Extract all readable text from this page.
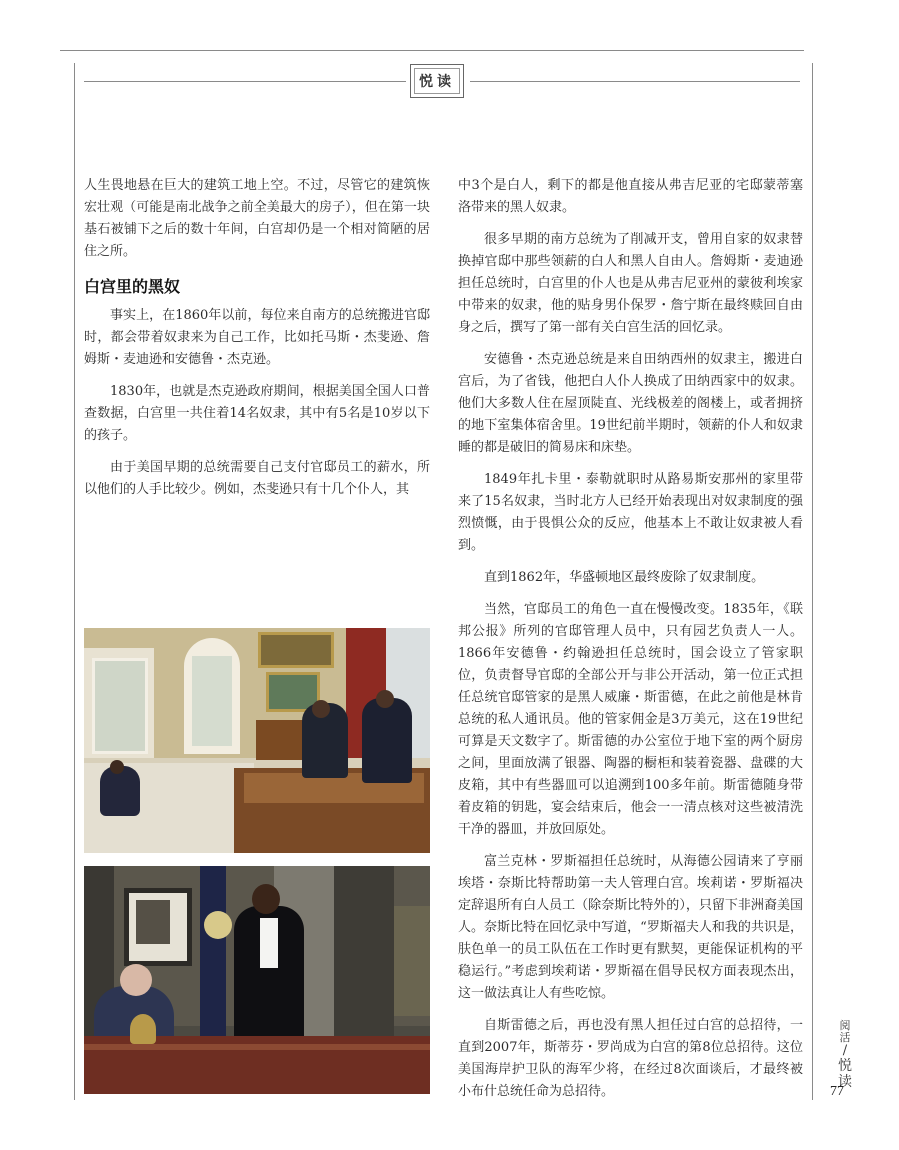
悦读

人生畏地悬在巨大的建筑工地上空。不过，尽管它的建筑恢宏壮观（可能是南北战争之前全美最大的房子），但在第一块基石被铺下之后的数十年间，白宫却仍是一个相对简陋的居住之所。

白宫里的黑奴

事实上，在1860年以前，每位来自南方的总统搬进官邸时，都会带着奴隶来为自己工作，比如托马斯・杰斐逊、詹姆斯・麦迪逊和安德鲁・杰克逊。

1830年，也就是杰克逊政府期间，根据美国全国人口普查数据，白宫里一共住着14名奴隶，其中有5名是10岁以下的孩子。

由于美国早期的总统需要自己支付官邸员工的薪水，所以他们的人手比较少。例如，杰斐逊只有十几个仆人，其

中3个是白人，剩下的都是他直接从弗吉尼亚的宅邸蒙蒂塞洛带来的黑人奴隶。

很多早期的南方总统为了削减开支，曾用自家的奴隶替换掉官邸中那些领薪的白人和黑人自由人。詹姆斯・麦迪逊担任总统时，白宫里的仆人也是从弗吉尼亚州的蒙彼利埃家中带来的奴隶，他的贴身男仆保罗・詹宁斯在最终赎回自由身之后，撰写了第一部有关白宫生活的回忆录。

安德鲁・杰克逊总统是来自田纳西州的奴隶主，搬进白宫后，为了省钱，他把白人仆人换成了田纳西家中的奴隶。他们大多数人住在屋顶陡直、光线极差的阁楼上，或者拥挤的地下室集体宿舍里。19世纪前半期时，领薪的仆人和奴隶睡的都是破旧的简易床和床垫。

1849年扎卡里・泰勒就职时从路易斯安那州的家里带来了15名奴隶，当时北方人已经开始表现出对奴隶制度的强烈愤慨，由于畏惧公众的反应，他基本上不敢让奴隶被人看到。

直到1862年，华盛顿地区最终废除了奴隶制度。

当然，官邸员工的角色一直在慢慢改变。1835年，《联邦公报》所列的官邸管理人员中，只有园艺负责人一人。1866年安德鲁・约翰逊担任总统时，国会设立了管家职位，负责督导官邸的全部公开与非公开活动，第一位正式担任总统官邸管家的是黑人威廉・斯雷德，在此之前他是林肯总统的私人通讯员。他的管家佣金是3万美元，这在19世纪可算是天文数字了。斯雷德的办公室位于地下室的两个厨房之间，里面放满了银器、陶器的橱柜和装着瓷器、盘碟的大皮箱，其中有些器皿可以追溯到100多年前。斯雷德随身带着皮箱的钥匙，宴会结束后，他会一一清点核对这些被清洗干净的器皿，并放回原处。

富兰克林・罗斯福担任总统时，从海德公园请来了亨丽埃塔・奈斯比特帮助第一夫人管理白宫。埃莉诺・罗斯福决定辞退所有白人员工（除奈斯比特外的），只留下非洲裔美国人。奈斯比特在回忆录中写道，“罗斯福夫人和我的共识是，肤色单一的员工队伍在工作时更有默契，更能保证机构的平稳运行。”考虑到埃莉诺・罗斯福在倡导民权方面表现杰出，这一做法真让人有些吃惊。

自斯雷德之后，再也没有黑人担任过白宫的总招待，一直到2007年，斯蒂芬・罗尚成为白宫的第8位总招待。这位美国海岸护卫队的海军少将，在经过8次面谈后，才最终被小布什总统任命为总招待。

阅活
/
悦读
77
